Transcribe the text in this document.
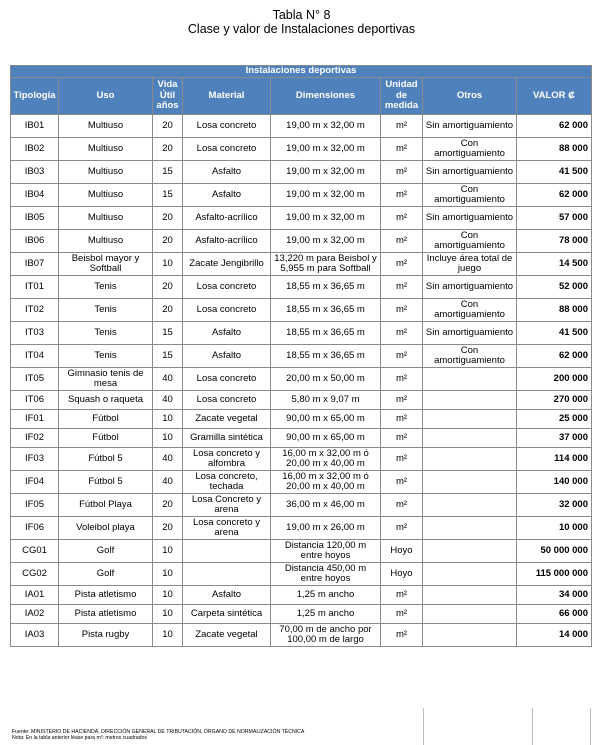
Tabla N° 8
Clase y valor de Instalaciones deportivas
Instalaciones deportivas							
Tipología	Uso	Vida Útil años	Material	Dimensiones	Unidad de medida	Otros	VALOR ₡
IB01	Multiuso	20	Losa concreto	19,00 m x 32,00 m	m²	Sin amortiguamiento	62 000
IB02	Multiuso	20	Losa concreto	19,00 m x 32,00 m	m²	Con amortiguamiento	88 000
IB03	Multiuso	15	Asfalto	19,00 m x 32,00 m	m²	Sin amortiguamiento	41 500
IB04	Multiuso	15	Asfalto	19,00 m x 32,00 m	m²	Con amortiguamiento	62 000
IB05	Multiuso	20	Asfalto-acrílico	19,00 m x 32,00 m	m²	Sin amortiguamiento	57 000
IB06	Multiuso	20	Asfalto-acrílico	19,00 m x 32,00 m	m²	Con amortiguamiento	78 000
IB07	Beisbol mayor y Softball	10	Zacate Jengibrillo	13,220 m para Beisbol y 5,955 m para Softball	m²	Incluye área total de juego	14 500
IT01	Tenis	20	Losa concreto	18,55 m x 36,65 m	m²	Sin amortiguamiento	52 000
IT02	Tenis	20	Losa concreto	18,55 m x 36,65 m	m²	Con amortiguamiento	88 000
IT03	Tenis	15	Asfalto	18,55 m x 36,65 m	m²	Sin amortiguamiento	41 500
IT04	Tenis	15	Asfalto	18,55 m x 36,65 m	m²	Con amortiguamiento	62 000
IT05	Gimnasio tenis de mesa	40	Losa concreto	20,00 m x 50,00 m	m²		200 000
IT06	Squash o raqueta	40	Losa concreto	5,80 m x 9,07 m	m²		270 000
IF01	Fútbol	10	Zacate vegetal	90,00 m x 65,00 m	m²		25 000
IF02	Fútbol	10	Gramilla sintética	90,00 m x 65,00 m	m²		37 000
IF03	Fútbol 5	40	Losa concreto y alfombra	16,00 m x 32,00 m ó 20,00 m x 40,00 m	m²		114 000
IF04	Fútbol 5	40	Losa concreto, techada	16,00 m x 32,00 m ó 20,00 m x 40,00 m	m²		140 000
IF05	Fútbol Playa	20	Losa Concreto y arena	36,00 m x 46,00 m	m²		32 000
IF06	Voleibol playa	20	Losa concreto y arena	19,00 m x 26,00 m	m²		10 000
CG01	Golf	10		Distancia 120,00 m entre hoyos	Hoyo		50 000 000
CG02	Golf	10		Distancia 450,00 m entre hoyos	Hoyo		115 000 000
IA01	Pista atletismo	10	Asfalto	1,25 m ancho	m²		34 000
IA02	Pista atletismo	10	Carpeta sintética	1,25 m ancho	m²		66 000
IA03	Pista rugby	10	Zacate vegetal	70,00 m de ancho por 100,00 m de largo	m²		14 000
Fuente: MINISTERIO DE HACIENDA, DIRECCIÓN GENERAL DE TRIBUTACIÓN, ÓRGANO DE NORMALIZACIÓN TÉCNICA
Nota: En la tabla anterior léase para m²: metros cuadrados
